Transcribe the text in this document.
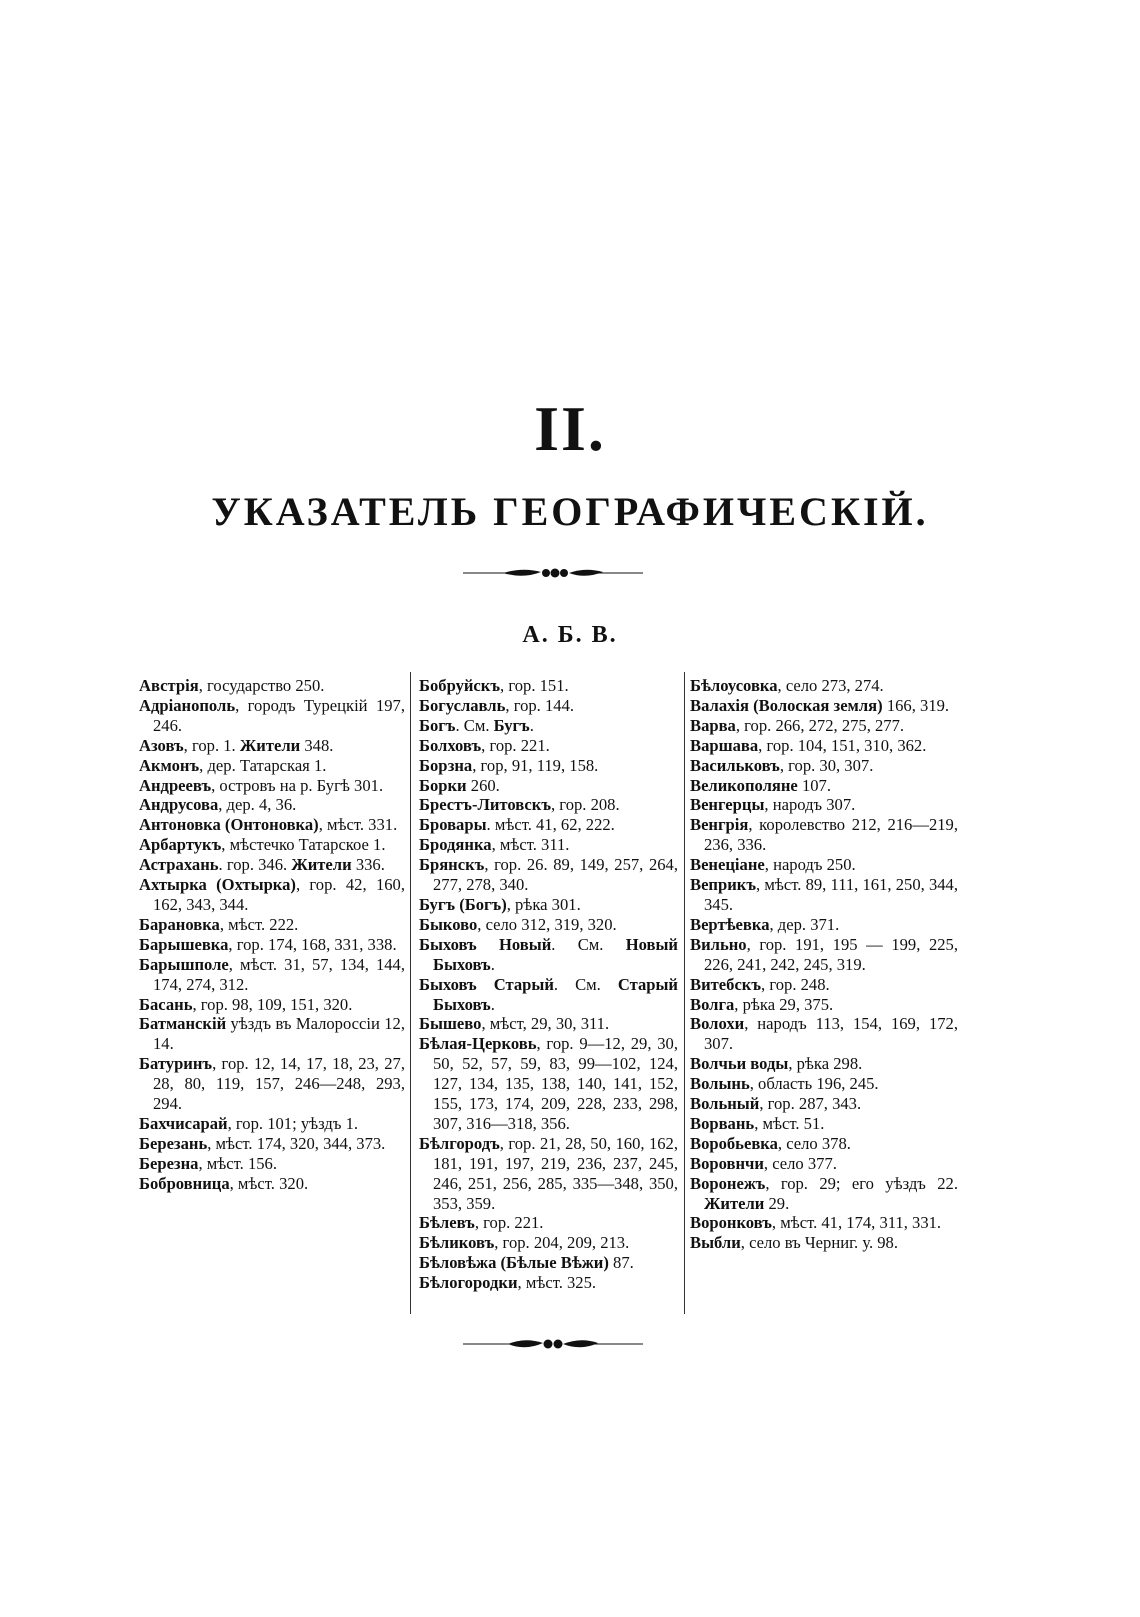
II.
УКАЗАТЕЛЬ ГЕОГРАФИЧЕСКІЙ.
А. Б. В.

Австрія, государство 250.

Адріанополь, городъ Турецкій 197, 246.

Азовъ, гор. 1. Жители 348.

Акмонъ, дер. Татарская 1.

Андреевъ, островъ на р. Бугѣ 301.

Андрусова, дер. 4, 36.

Антоновка (Онтоновка), мѣст. 331.

Арбартукъ, мѣстечко Татарское 1.

Астрахань. гор. 346. Жители 336.

Ахтырка (Охтырка), гор. 42, 160, 162, 343, 344.

Барановка, мѣст. 222.

Барышевка, гор. 174, 168, 331, 338.

Барышполе, мѣст. 31, 57, 134, 144, 174, 274, 312.

Басань, гор. 98, 109, 151, 320.

Батманскій уѣздъ въ Малороссіи 12, 14.

Батуринъ, гор. 12, 14, 17, 18, 23, 27, 28, 80, 119, 157, 246—248, 293, 294.

Бахчисарай, гор. 101; уѣздъ 1.

Березань, мѣст. 174, 320, 344, 373.

Березна, мѣст. 156.

Бобровница, мѣст. 320.

Бобруйскъ, гор. 151.

Богуславль, гор. 144.

Богъ. См. Бугъ.

Болховъ, гор. 221.

Борзна, гор, 91, 119, 158.

Борки 260.

Брестъ-Литовскъ, гор. 208.

Бровары. мѣст. 41, 62, 222.

Бродянка, мѣст. 311.

Брянскъ, гор. 26. 89, 149, 257, 264, 277, 278, 340.

Бугъ (Богъ), рѣка 301.

Быково, село 312, 319, 320.

Быховъ Новый. См. Новый Быховъ.

Быховъ Старый. См. Старый Быховъ.

Бышево, мѣст, 29, 30, 311.

Бѣлая-Церковь, гор. 9—12, 29, 30, 50, 52, 57, 59, 83, 99—102, 124, 127, 134, 135, 138, 140, 141, 152, 155, 173, 174, 209, 228, 233, 298, 307, 316—318, 356.

Бѣлгородъ, гор. 21, 28, 50, 160, 162, 181, 191, 197, 219, 236, 237, 245, 246, 251, 256, 285, 335—348, 350, 353, 359.

Бѣлевъ, гор. 221.

Бѣликовъ, гор. 204, 209, 213.

Бѣловѣжа (Бѣлые Вѣжи) 87.

Бѣлогородки, мѣст. 325.

Бѣлоусовка, село 273, 274.

Валахія (Волоская земля) 166, 319.

Варва, гор. 266, 272, 275, 277.

Варшава, гор. 104, 151, 310, 362.

Васильковъ, гор. 30, 307.

Великополяне 107.

Венгерцы, народъ 307.

Венгрія, королевство 212, 216—219, 236, 336.

Венеціане, народъ 250.

Веприкъ, мѣст. 89, 111, 161, 250, 344, 345.

Вертѣевка, дер. 371.

Вильно, гор. 191, 195 — 199, 225, 226, 241, 242, 245, 319.

Витебскъ, гор. 248.

Волга, рѣка 29, 375.

Волохи, народъ 113, 154, 169, 172, 307.

Волчьи воды, рѣка 298.

Волынь, область 196, 245.

Вольный, гор. 287, 343.

Ворвань, мѣст. 51.

Воробьевка, село 378.

Воровнчи, село 377.

Воронежъ, гор. 29; его уѣздъ 22. Жители 29.

Воронковъ, мѣст. 41, 174, 311, 331.

Выбли, село въ Черниг. у. 98.
